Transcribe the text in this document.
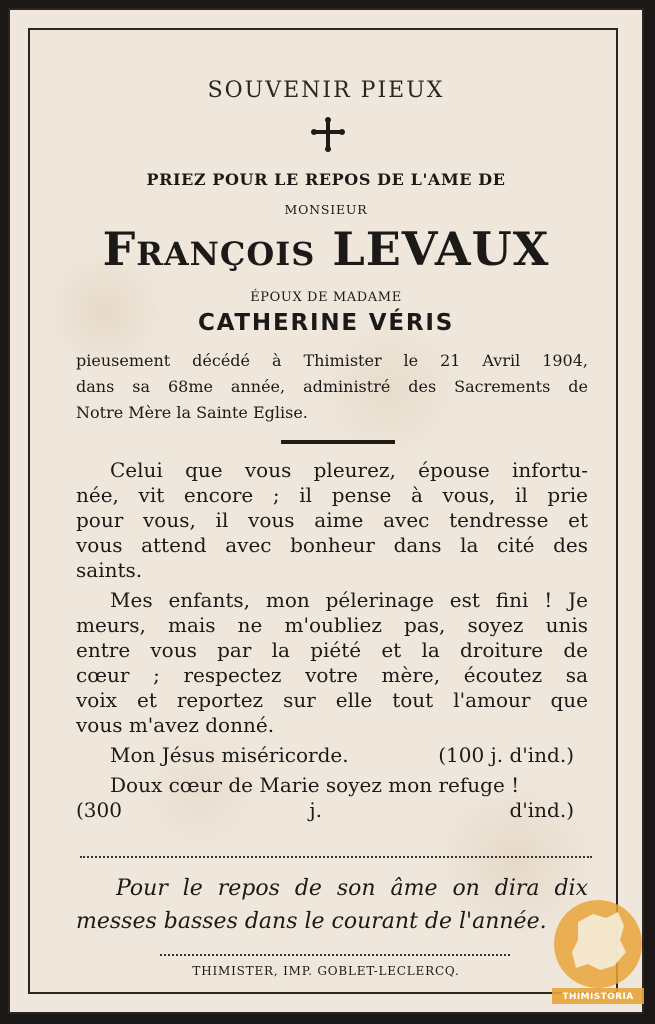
SOUVENIR PIEUX
PRIEZ POUR LE REPOS DE L'AME DE
MONSIEUR
François LEVAUX
ÉPOUX DE MADAME
CATHERINE VÉRIS
pieusement décédé à Thimister le 21 Avril 1904,
dans sa 68me année, administré des Sacrements de
Notre Mère la Sainte Eglise.
Celui que vous pleurez, épouse infortu-
née, vit encore ; il pense à vous, il prie
pour vous, il vous aime avec tendresse et
vous attend avec bonheur dans la cité des
saints.
Mes enfants, mon pélerinage est fini ! Je
meurs, mais ne m'oubliez pas, soyez unis
entre vous par la piété et la droiture de
cœur ; respectez votre mère, écoutez sa
voix et reportez sur elle tout l'amour que
vous m'avez donné.
Mon Jésus miséricorde.	(100 j. d'ind.)
Doux cœur de Marie soyez mon refuge !
(300 j. d'ind.)
Pour le repos de son âme on dira dix
messes basses dans le courant de l'année.
THIMISTER, IMP. GOBLET-LECLERCQ.
THIMISTORIA
